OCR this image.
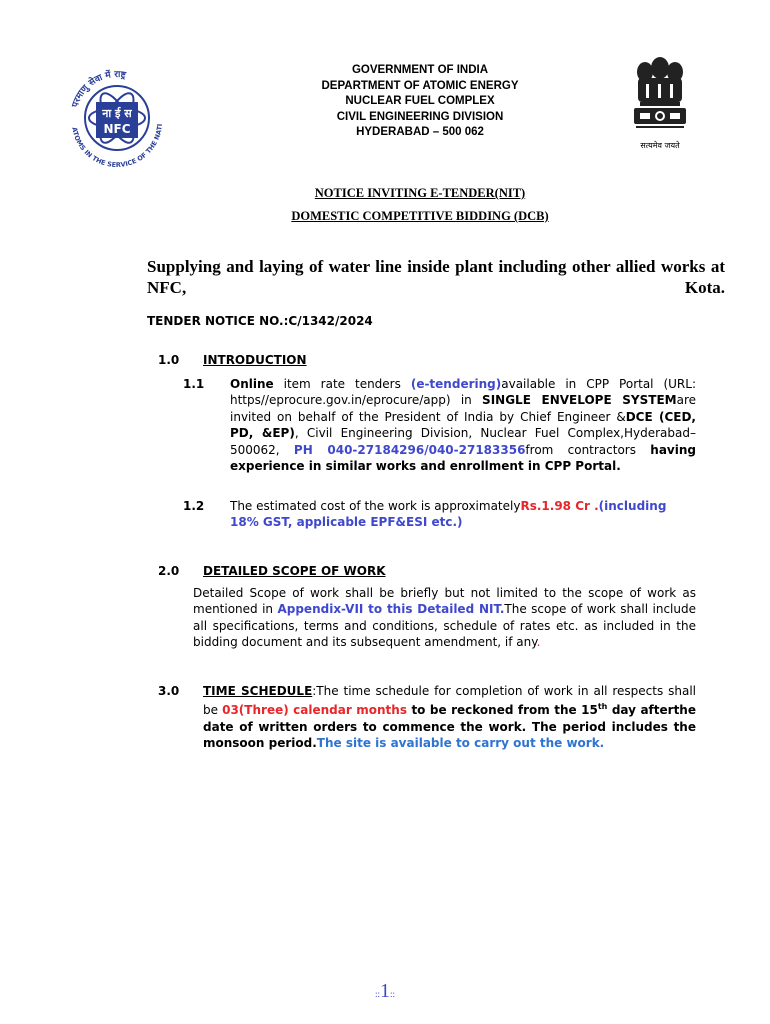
परमाणु सेवा में राष्ट्र
ATOMS IN THE SERVICE OF THE NATI
ना ई स
NFC
GOVERNMENT OF INDIA
DEPARTMENT OF ATOMIC ENERGY
NUCLEAR FUEL COMPLEX
CIVIL ENGINEERING DIVISION
HYDERABAD – 500 062
सत्यमेव जयते
NOTICE INVITING E-TENDER(NIT)
DOMESTIC COMPETITIVE BIDDING (DCB)
Supplying and laying of water line inside plant including other allied works at NFC, Kota.
TENDER NOTICE NO.:C/1342/2024
1.0 INTRODUCTION
1.1 Online item rate tenders (e-tendering)available in CPP Portal (URL: https//eprocure.gov.in/eprocure/app) in SINGLE ENVELOPE SYSTEMare invited on behalf of the President of India by Chief Engineer &DCE (CED, PD, &EP), Civil Engineering Division, Nuclear Fuel Complex,Hyderabad–500062, PH 040-27184296/040-27183356from contractors having experience in similar works and enrollment in CPP Portal.
1.2 The estimated cost of the work is approximatelyRs.1.98 Cr .(including 18% GST, applicable EPF&ESI etc.)
2.0 DETAILED SCOPE OF WORK
Detailed Scope of work shall be briefly but not limited to the scope of work as mentioned in Appendix-VII to this Detailed NIT.The scope of work shall include all specifications, terms and conditions, schedule of rates etc. as included in the bidding document and its subsequent amendment, if any.
3.0 TIME SCHEDULE:The time schedule for completion of work in all respects shall be 03(Three) calendar months to be reckoned from the 15th day afterthe date of written orders to commence the work. The period includes the monsoon period.The site is available to carry out the work.
::1::
